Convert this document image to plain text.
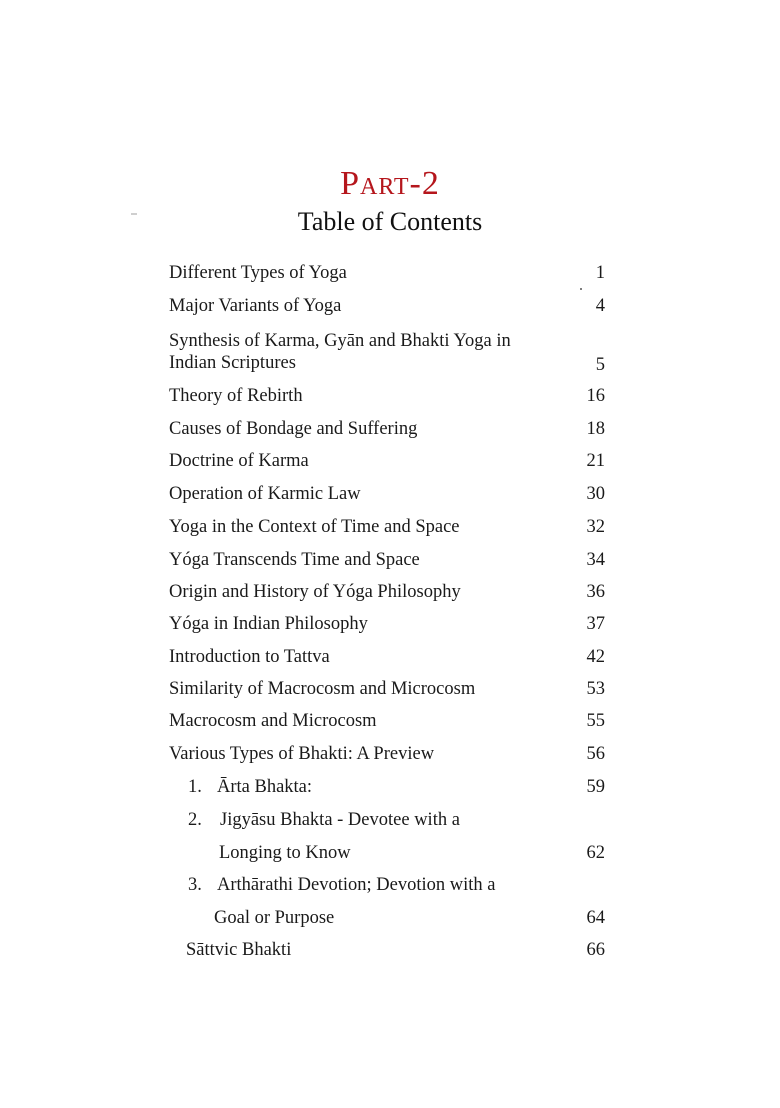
Part-2
Table of Contents
Different Types of Yoga	1
Major Variants of Yoga	4
Synthesis of Karma, Gyān and Bhakti Yoga in
Indian Scriptures	5
Theory of Rebirth	16
Causes of Bondage and Suffering	18
Doctrine of Karma	21
Operation of Karmic Law	30
Yoga in the Context of Time and Space	32
Yóga Transcends Time and Space	34
Origin and History of Yóga Philosophy	36
Yóga in Indian Philosophy	37
Introduction to Tattva	42
Similarity of Macrocosm and Microcosm	53
Macrocosm and Microcosm	55
Various Types of Bhakti: A Preview	56
1. Ārta Bhakta:	59
2. Jigyāsu Bhakta - Devotee with a
Longing to Know	62
3. Arthārathi Devotion; Devotion with a
Goal or Purpose	64
Sāttvic Bhakti	66
